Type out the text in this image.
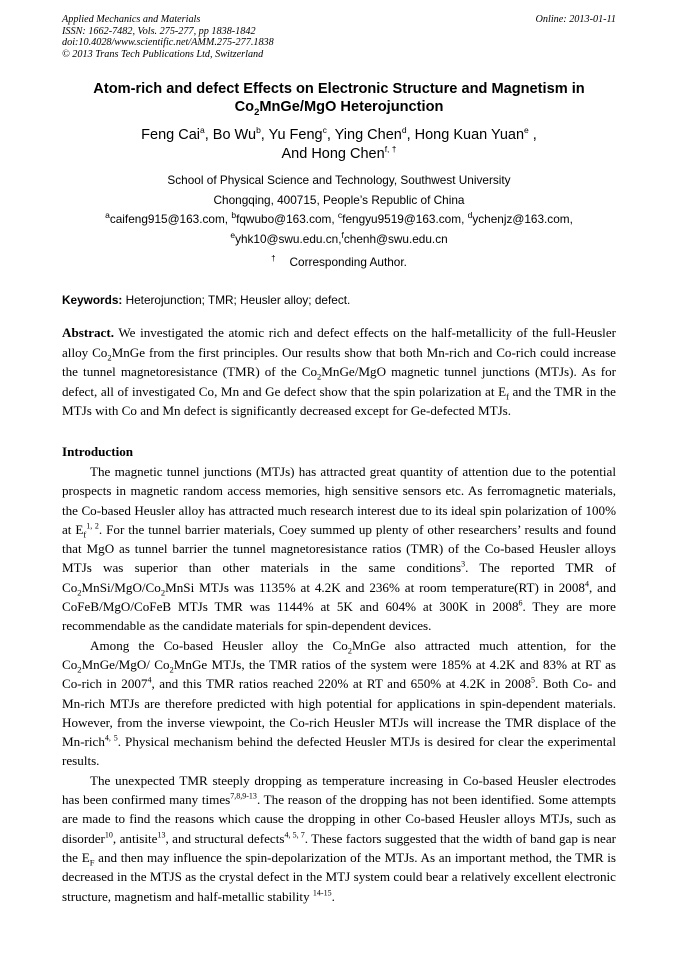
Applied Mechanics and Materials
ISSN: 1662-7482, Vols. 275-277, pp 1838-1842
doi:10.4028/www.scientific.net/AMM.275-277.1838
© 2013 Trans Tech Publications Ltd, Switzerland
Online: 2013-01-11
Atom-rich and defect Effects on Electronic Structure and Magnetism in
$Co_2MnGe$/MgO Heterojunction
Feng Cai$^a$, Bo Wu$^b$, Yu Feng$^c$, Ying Chen$^d$, Hong Kuan Yuan$^e$ ,
And Hong Chen$^{f, \dagger}$
School of Physical Science and Technology, Southwest University
Chongqing, 400715, People’s Republic of China
$^a$caifeng915@163.com, $^b$fqwubo@163.com, $^c$fengyu9519@163.com, $^d$ychenjz@163.com,
$^e$yhk10@swu.edu.cn,$^f$chenh@swu.edu.cn
† Corresponding Author.
Keywords: Heterojunction; TMR; Heusler alloy; defect.
Abstract. We investigated the atomic rich and defect effects on the half-metallicity of the full-Heusler alloy $Co_2MnGe$ from the first principles. Our results show that both Mn-rich and Co-rich could increase the tunnel magnetoresistance (TMR) of the $Co_2MnGe$/MgO magnetic tunnel junctions (MTJs). As for defect, all of investigated Co, Mn and Ge defect show that the spin polarization at $E_f$ and the TMR in the MTJs with Co and Mn defect is significantly decreased except for Ge-defected MTJs.
Introduction

The magnetic tunnel junctions (MTJs) has attracted great quantity of attention due to the potential prospects in magnetic random access memories, high sensitive sensors etc. As ferromagnetic materials, the Co-based Heusler alloy has attracted much research interest due to its ideal spin polarization of 100% at $E_f^{1, 2}$. For the tunnel barrier materials, Coey summed up plenty of other researchers’ results and found that MgO as tunnel barrier the tunnel magnetoresistance ratios (TMR) of the Co-based Heusler alloys MTJs was superior than other materials in the same conditions$^3$. The reported TMR of $Co_2MnSi/MgO/Co_2MnSi$ MTJs was 1135% at 4.2K and 236% at room temperature(RT) in 2008$^4$, and CoFeB/MgO/CoFeB MTJs TMR was 1144% at 5K and 604% at 300K in 2008$^6$. They are more recommendable as the candidate materials for spin-dependent devices.

Among the Co-based Heusler alloy the $Co_2MnGe$ also attracted much attention, for the $Co_2MnGe/MgO/$ $Co_2MnGe$ MTJs, the TMR ratios of the system were 185% at 4.2K and 83% at RT as Co-rich in 2007$^4$, and this TMR ratios reached 220% at RT and 650% at 4.2K in 2008$^5$. Both Co- and Mn-rich MTJs are therefore predicted with high potential for applications in spin-dependent materials. However, from the inverse viewpoint, the Co-rich Heusler MTJs will increase the TMR displace of the Mn-rich$^{4, 5}$. Physical mechanism behind the defected Heusler MTJs is desired for clear the experimental results.

The unexpected TMR steeply dropping as temperature increasing in Co-based Heusler electrodes has been confirmed many times$^{7,8,9-13}$. The reason of the dropping has not been identified. Some attempts are made to find the reasons which cause the dropping in other Co-based Heusler alloys MTJs, such as disorder$^{10}$, antisite$^{13}$, and structural defects$^{4, 5, 7}$. These factors suggested that the width of band gap is near the $E_F$ and then may influence the spin-depolarization of the MTJs. As an important method, the TMR is decreased in the MTJS as the crystal defect in the MTJ system could bear a relatively excellent electronic structure, magnetism and half-metallic stability $^{14-15}$.
